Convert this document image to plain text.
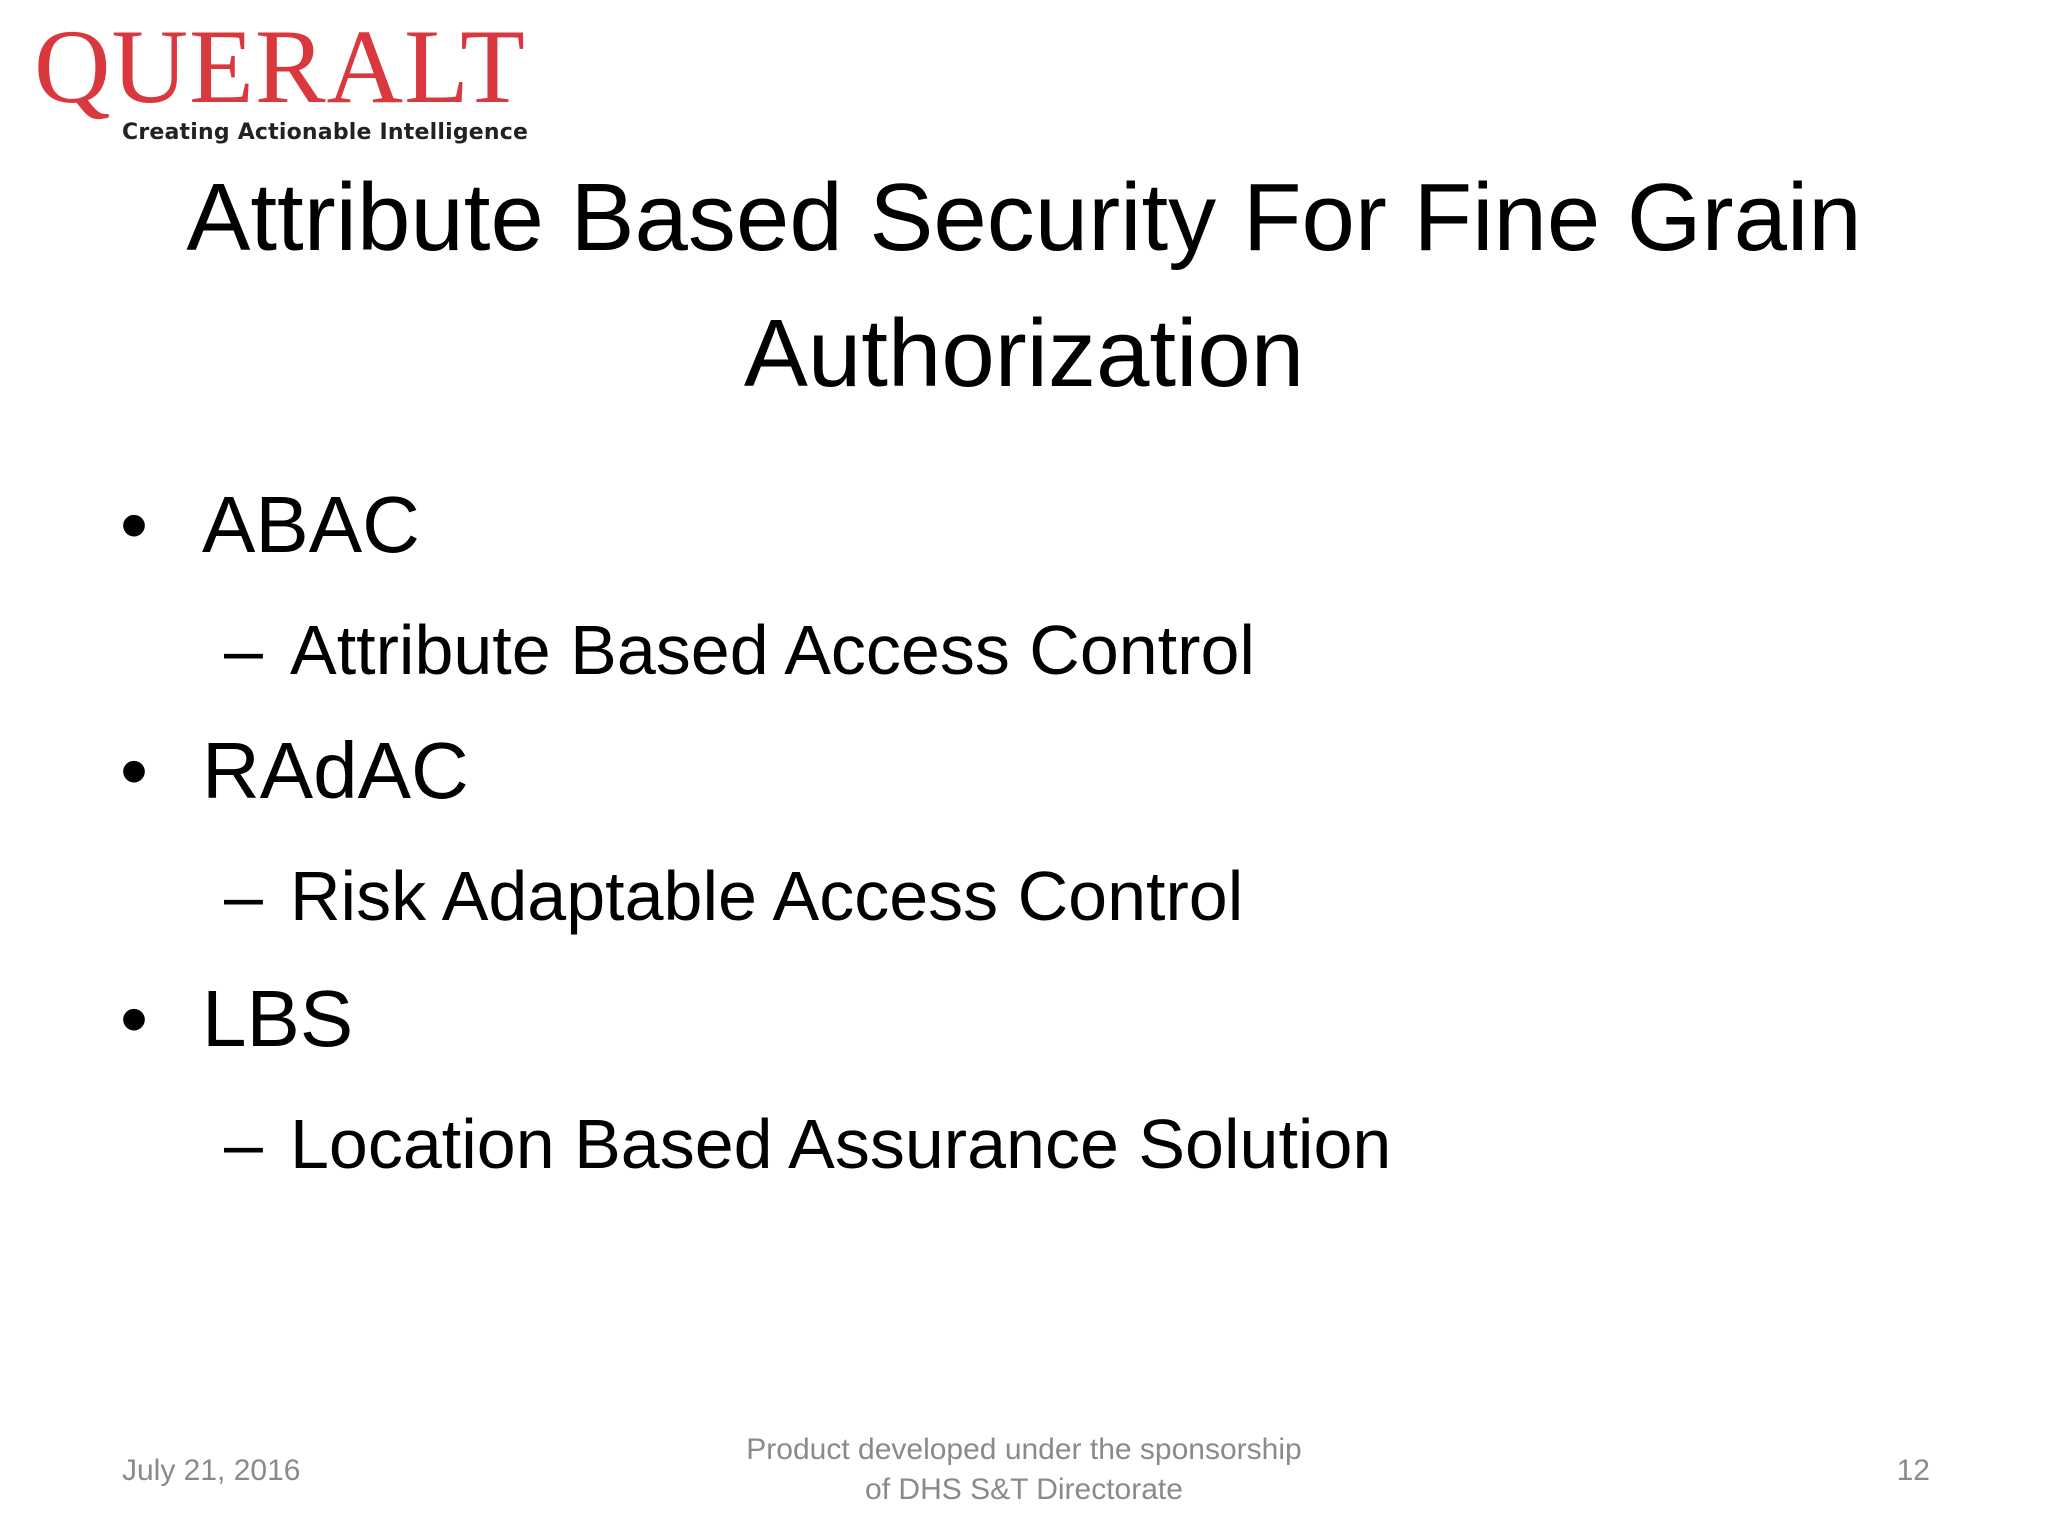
QUERALT
Creating Actionable Intelligence
Attribute Based Security For Fine Grain
Authorization
• ABAC
– Attribute Based Access Control
• RAdAC
– Risk Adaptable Access Control
• LBS
– Location Based Assurance Solution
July 21, 2016
Product developed under the sponsorship
of DHS S&T Directorate
12
